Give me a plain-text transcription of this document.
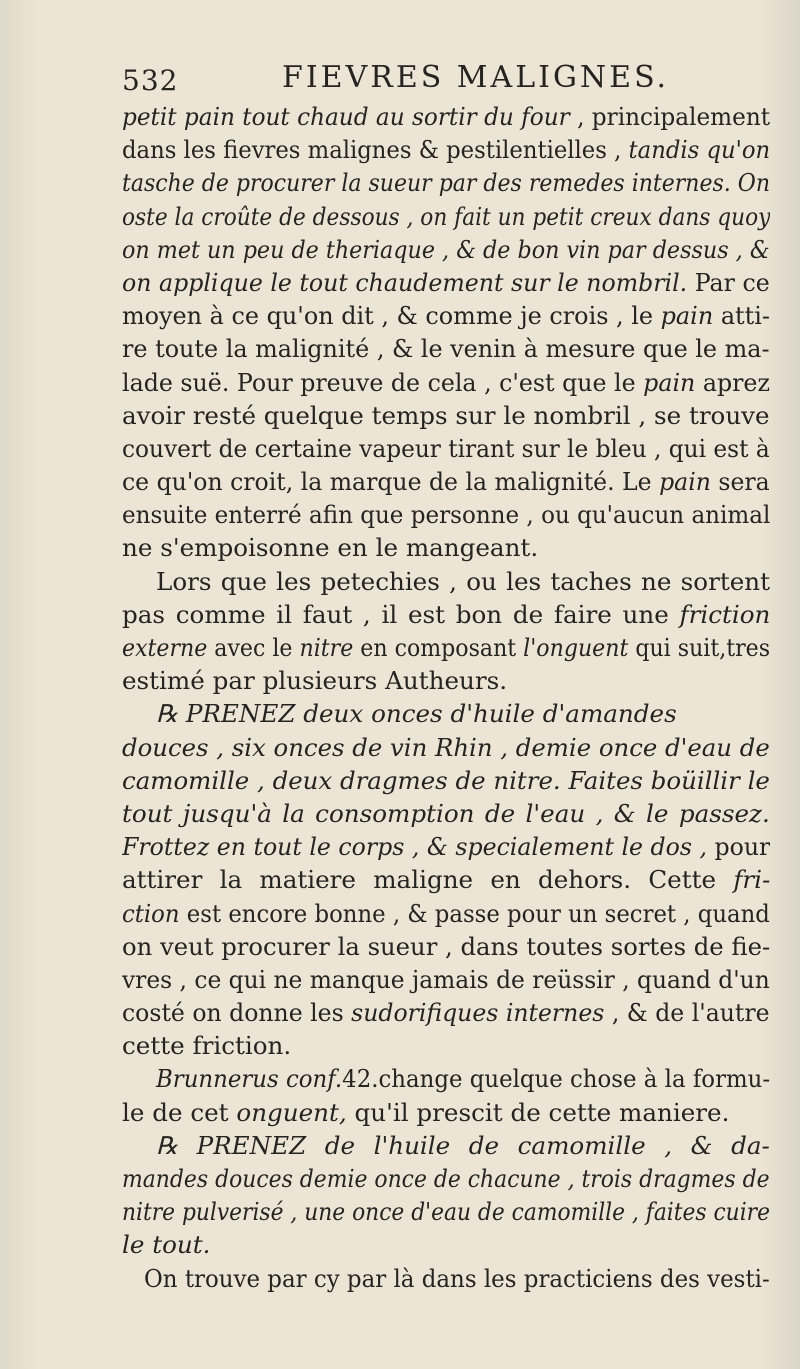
532	FIEVRES MALIGNES.
petit pain tout chaud au sortir du four , principalement
dans les fievres malignes & pestilentielles , tandis qu'on
tasche de procurer la sueur par des remedes internes. On
oste la croûte de dessous , on fait un petit creux dans quoy
on met un peu de theriaque , & de bon vin par dessus , &
on applique le tout chaudement sur le nombril. Par ce
moyen à ce qu'on dit , & comme je crois , le pain atti-
re toute la malignité , & le venin à mesure que le ma-
lade suë. Pour preuve de cela , c'est que le pain aprez
avoir resté quelque temps sur le nombril , se trouve
couvert de certaine vapeur tirant sur le bleu , qui est à
ce qu'on croit, la marque de la malignité. Le pain sera
ensuite enterré afin que personne , ou qu'aucun animal
ne s'empoisonne en le mangeant.
Lors que les petechies , ou les taches ne sortent
pas comme il faut , il est bon de faire une friction
externe avec le nitre en composant l'onguent qui suit,tres
estimé par plusieurs Autheurs.
℞ PRENEZ deux onces d'huile d'amandes
douces , six onces de vin Rhin , demie once d'eau de
camomille , deux dragmes de nitre. Faites boüillir le
tout jusqu'à la consomption de l'eau , & le passez.
Frottez en tout le corps , & specialement le dos , pour
attirer la matiere maligne en dehors. Cette fri-
ction est encore bonne , & passe pour un secret , quand
on veut procurer la sueur , dans toutes sortes de fie-
vres , ce qui ne manque jamais de reüssir , quand d'un
costé on donne les sudorifiques internes , & de l'autre
cette friction.
Brunnerus conf.42.change quelque chose à la formu-
le de cet onguent, qu'il prescit de cette maniere.
℞ PRENEZ de l'huile de camomille , & da-
mandes douces demie once de chacune , trois dragmes de
nitre pulverisé , une once d'eau de camomille , faites cuire
le tout.
On trouve par cy par là dans les practiciens des vesti-
